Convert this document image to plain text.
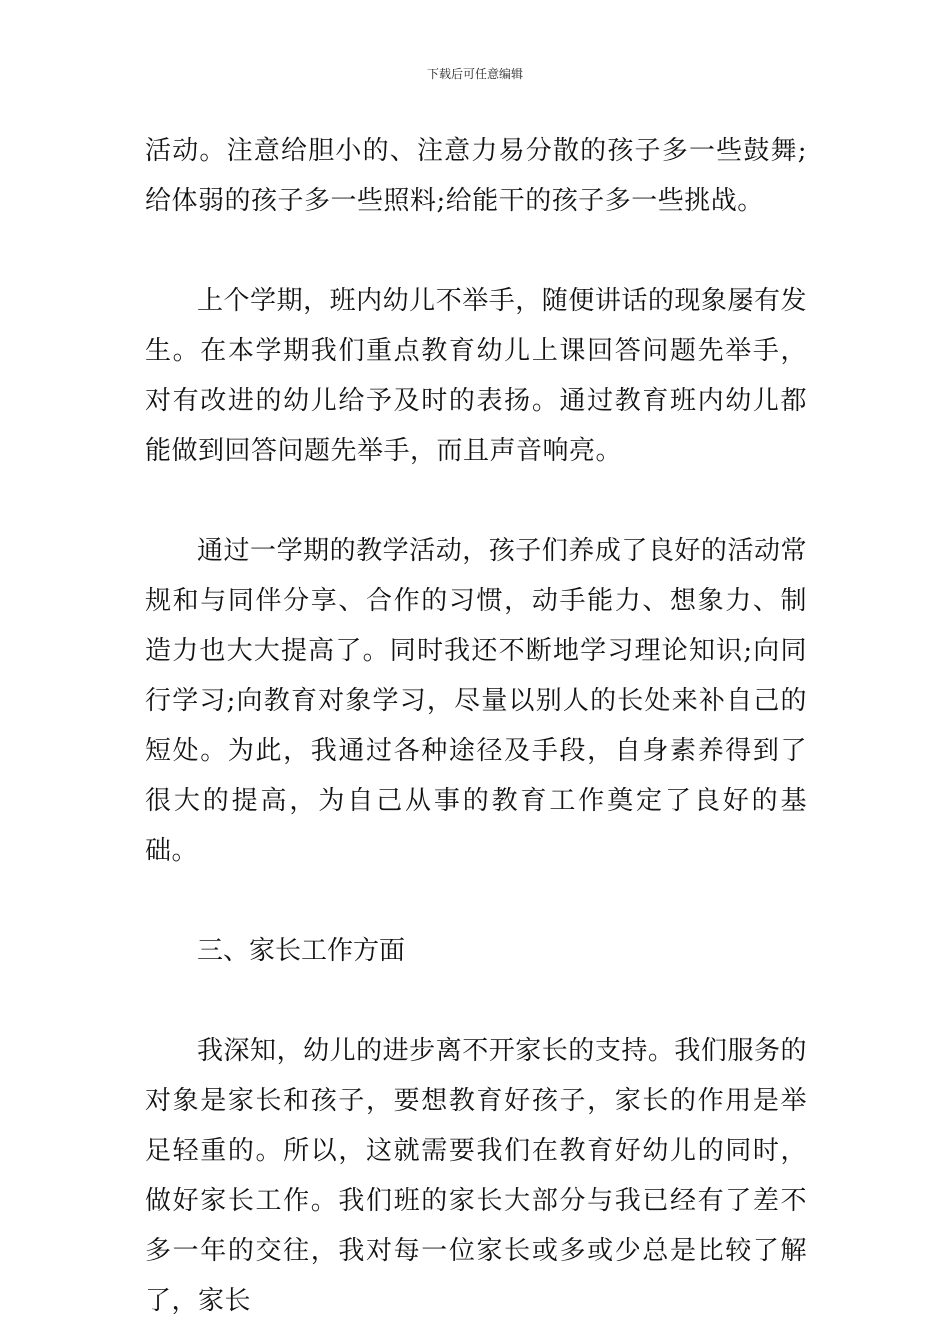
下载后可任意编辑

活动。注意给胆小的、注意力易分散的孩子多一些鼓舞;给体弱的孩子多一些照料;给能干的孩子多一些挑战。

上个学期，班内幼儿不举手，随便讲话的现象屡有发生。在本学期我们重点教育幼儿上课回答问题先举手，对有改进的幼儿给予及时的表扬。通过教育班内幼儿都能做到回答问题先举手，而且声音响亮。

通过一学期的教学活动，孩子们养成了良好的活动常规和与同伴分享、合作的习惯，动手能力、想象力、制造力也大大提高了。同时我还不断地学习理论知识;向同行学习;向教育对象学习，尽量以别人的长处来补自己的短处。为此，我通过各种途径及手段，自身素养得到了很大的提高，为自己从事的教育工作奠定了良好的基础。

三、家长工作方面

我深知，幼儿的进步离不开家长的支持。我们服务的对象是家长和孩子，要想教育好孩子，家长的作用是举足轻重的。所以，这就需要我们在教育好幼儿的同时，做好家长工作。我们班的家长大部分与我已经有了差不多一年的交往，我对每一位家长或多或少总是比较了解了，家长
